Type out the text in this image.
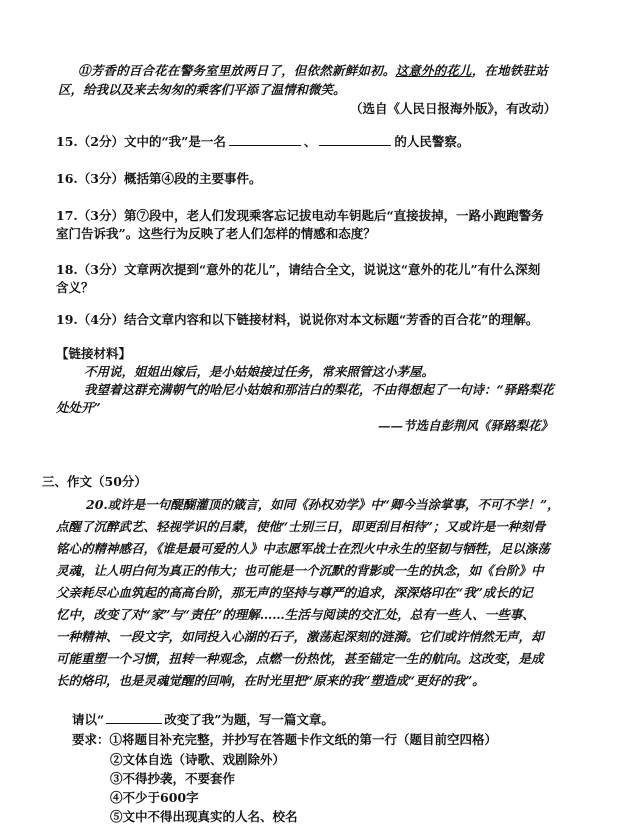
⑪芳香的百合花在警务室里放两日了，但依然新鲜如初。这意外的花儿，在地铁驻站
区，给我以及来去匆匆的乘客们平添了温情和微笑。
（选自《人民日报海外版》，有改动）
15.（2分）文中的“我”是一名	、	的人民警察。
16.（3分）概括第④段的主要事件。
17.（3分）第⑦段中，老人们发现乘客忘记拔电动车钥匙后“直接拔掉，一路小跑跑警务
室门告诉我”。这些行为反映了老人们怎样的情感和态度？
18.（3分）文章两次提到“意外的花儿”，请结合全文，说说这“意外的花儿”有什么深刻
含义？
19.（4分）结合文章内容和以下链接材料，说说你对本文标题“芳香的百合花”的理解。
【链接材料】
不用说，姐姐出嫁后，是小姑娘接过任务，常来照管这小茅屋。
我望着这群充满朝气的哈尼小姑娘和那洁白的梨花，不由得想起了一句诗：“驿路梨花
处处开”
——节选自彭荆风《驿路梨花》
三、作文（50分）
20.或许是一句醍醐灌顶的箴言，如同《孙权劝学》中“卿今当涂掌事，不可不学！”，
点醒了沉醉武艺、轻视学识的吕蒙，使他“士别三日，即更刮目相待”；又或许是一种刻骨
铭心的精神感召，《谁是最可爱的人》中志愿军战士在烈火中永生的坚韧与牺牲，足以涤荡
灵魂，让人明白何为真正的伟大；也可能是一个沉默的背影或一生的执念，如《台阶》中
父亲耗尽心血筑起的高高台阶，那无声的坚持与尊严的追求，深深烙印在“我”成长的记
忆中，改变了对“家”与“责任”的理解……生活与阅读的交汇处，总有一些人、一些事、
一种精神、一段文字，如同投入心湖的石子，激荡起深刻的涟漪。它们或许悄然无声，却
可能重塑一个习惯，扭转一种观念，点燃一份热忱，甚至锚定一生的航向。这改变，是成
长的烙印，也是灵魂觉醒的回响，在时光里把“原来的我”塑造成“更好的我”。
请以“	改变了我”为题，写一篇文章。
要求：①将题目补充完整，并抄写在答题卡作文纸的第一行（题目前空四格）
②文体自选（诗歌、戏剧除外）
③不得抄袭，不要套作
④不少于600字
⑤文中不得出现真实的人名、校名
